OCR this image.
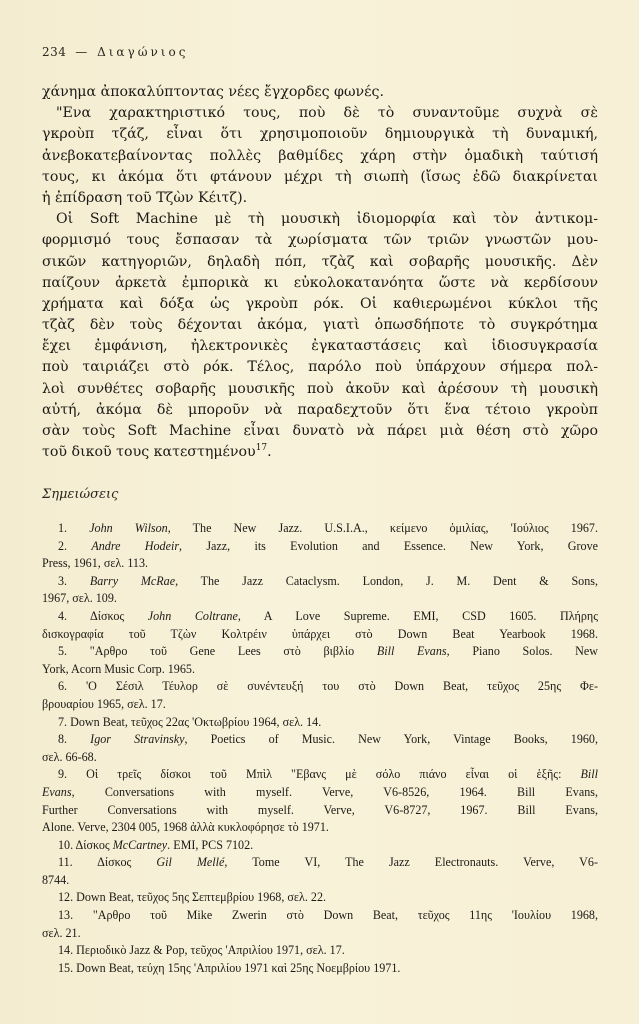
234 — Διαγώνιος
χάνημα ἀποκαλύπτοντας νέες ἔγχορδες φωνές.
"Ενα χαρακτηριστικό τους, ποὺ δὲ τὸ συναντοῦμε συχνὰ σὲ
γκροὺπ τζάζ, εἶναι ὅτι χρησιμοποιοῦν δημιουργικὰ τὴ δυναμική,
ἀνεβοκατεβαίνοντας πολλὲς βαθμίδες χάρη στὴν ὁμαδικὴ ταύτισή
τους, κι ἀκόμα ὅτι φτάνουν μέχρι τὴ σιωπὴ (ἴσως ἐδῶ διακρίνεται
ἡ ἐπίδραση τοῦ Τζὼν Κέιτζ).
Οἱ Soft Machine μὲ τὴ μουσικὴ ἰδιομορφία καὶ τὸν ἀντικομ-
φορμισμό τους ἔσπασαν τὰ χωρίσματα τῶν τριῶν γνωστῶν μου-
σικῶν κατηγοριῶν, δηλαδὴ πόπ, τζὰζ καὶ σοβαρῆς μουσικῆς. Δὲν
παίζουν ἀρκετὰ ἐμπορικὰ κι εὐκολοκατανόητα ὥστε νὰ κερδίσουν
χρήματα καὶ δόξα ὡς γκροὺπ ρόκ. Οἱ καθιερωμένοι κύκλοι τῆς
τζὰζ δὲν τοὺς δέχονται ἀκόμα, γιατὶ ὁπωσδήποτε τὸ συγκρότημα
ἔχει ἐμφάνιση, ἠλεκτρονικὲς ἐγκαταστάσεις καὶ ἰδιοσυγκρασία
ποὺ ταιριάζει στὸ ρόκ. Τέλος, παρόλο ποὺ ὑπάρχουν σήμερα πολ-
λοὶ συνθέτες σοβαρῆς μουσικῆς ποὺ ἀκοῦν καὶ ἀρέσουν τὴ μουσικὴ
αὐτή, ἀκόμα δὲ μποροῦν νὰ παραδεχτοῦν ὅτι ἕνα τέτοιο γκροὺπ
σὰν τοὺς Soft Machine εἶναι δυνατὸ νὰ πάρει μιὰ θέση στὸ χῶρο
τοῦ δικοῦ τους κατεστημένου$^{17}$.
Σημειώσεις
1. John Wilson, The New Jazz. U.S.I.A., κείμενο ὁμιλίας, 'Ιούλιος 1967.
2. Andre Hodeir, Jazz, its Evolution and Essence. New York, Grove
Press, 1961, σελ. 113.
3. Barry McRae, The Jazz Cataclysm. London, J. M. Dent & Sons,
1967, σελ. 109.
4. Δίσκος John Coltrane, A Love Supreme. EMI, CSD 1605. Πλήρης
δισκογραφία τοῦ Τζὼν Κολτρέιν ὑπάρχει στὸ Down Beat Yearbook 1968.
5. "Αρθρο τοῦ Gene Lees στὸ βιβλίο Bill Evans, Piano Solos. New
York, Acorn Music Corp. 1965.
6. 'Ο Σέσιλ Τέυλορ σὲ συνέντευξή του στὸ Down Beat, τεῦχος 25ης Φε-
βρουαρίου 1965, σελ. 17.
7. Down Beat, τεῦχος 22ας 'Οκτωβρίου 1964, σελ. 14.
8. Igor Stravinsky, Poetics of Music. New York, Vintage Books, 1960,
σελ. 66-68.
9. Οἱ τρεῖς δίσκοι τοῦ Μπὶλ "Εβανς μὲ σόλο πιάνο εἶναι οἱ ἑξῆς: Bill
Evans, Conversations with myself. Verve, V6-8526, 1964. Bill Evans,
Further Conversations with myself. Verve, V6-8727, 1967. Bill Evans,
Alone. Verve, 2304 005, 1968 ἀλλὰ κυκλοφόρησε τὸ 1971.
10. Δίσκος McCartney. EMI, PCS 7102.
11. Δίσκος Gil Mellé, Tome VI, The Jazz Electronauts. Verve, V6-
8744.
12. Down Beat, τεῦχος 5ης Σεπτεμβρίου 1968, σελ. 22.
13. "Αρθρο τοῦ Mike Zwerin στὸ Down Beat, τεῦχος 11ης 'Ιουλίου 1968,
σελ. 21.
14. Περιοδικὸ Jazz & Pop, τεῦχος 'Απριλίου 1971, σελ. 17.
15. Down Beat, τεύχη 15ης 'Απριλίου 1971 καὶ 25ης Νοεμβρίου 1971.
